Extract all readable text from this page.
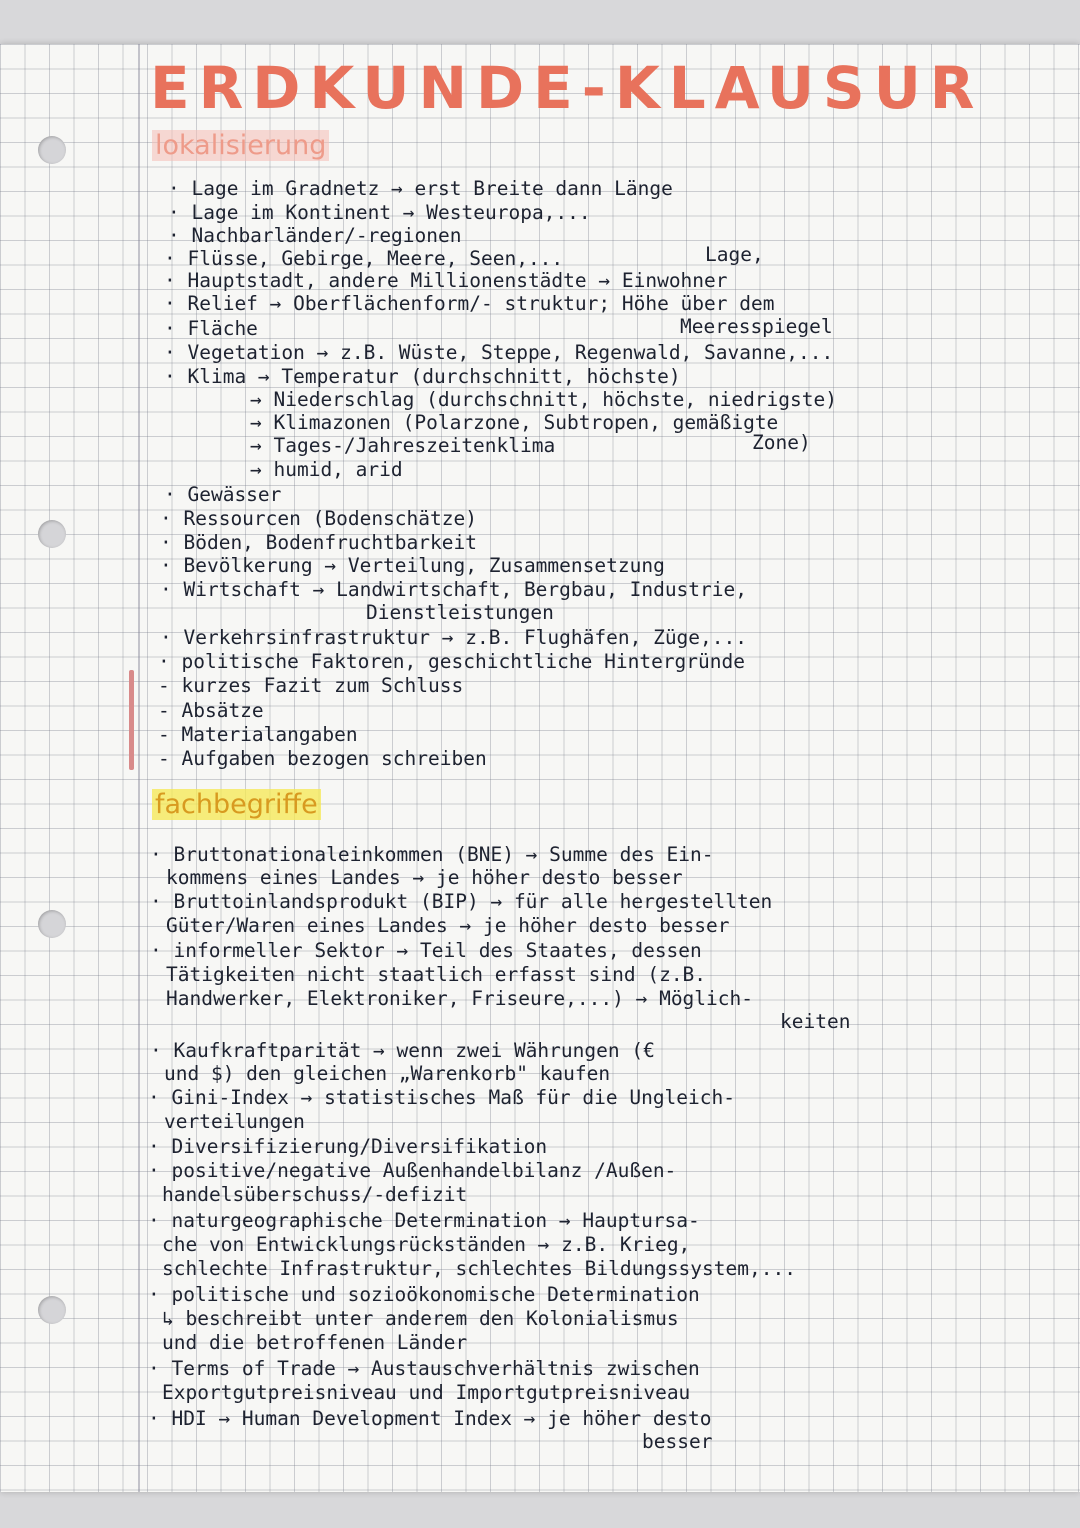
ERDKUNDE-KLAUSUR
lokalisierung
· Lage im Gradnetz → erst Breite dann Länge
· Lage im Kontinent → Westeuropa,...
· Nachbarländer/-regionen
· Flüsse, Gebirge, Meere, Seen,...	Lage,
· Hauptstadt, andere Millionenstädte → Einwohner
· Relief → Oberflächenform/- struktur; Höhe über dem
· Fläche	Meeresspiegel
· Vegetation → z.B. Wüste, Steppe, Regenwald, Savanne,...
· Klima → Temperatur (durchschnitt, höchste)
→ Niederschlag (durchschnitt, höchste, niedrigste)
→ Klimazonen (Polarzone, Subtropen, gemäßigte
→ Tages-/Jahreszeitenklima	Zone)
→ humid, arid
· Gewässer
· Ressourcen (Bodenschätze)
· Böden, Bodenfruchtbarkeit
· Bevölkerung → Verteilung, Zusammensetzung
· Wirtschaft → Landwirtschaft, Bergbau, Industrie,
Dienstleistungen
· Verkehrsinfrastruktur → z.B. Flughäfen, Züge,...
· politische Faktoren, geschichtliche Hintergründe
- kurzes Fazit zum Schluss
- Absätze
- Materialangaben
- Aufgaben bezogen schreiben
fachbegriffe
· Bruttonationaleinkommen (BNE) → Summe des Ein-
kommens eines Landes → je höher desto besser
· Bruttoinlandsprodukt (BIP) → für alle hergestellten
Güter/Waren eines Landes → je höher desto besser
· informeller Sektor → Teil des Staates, dessen
Tätigkeiten nicht staatlich erfasst sind (z.B.
Handwerker, Elektroniker, Friseure,...) → Möglich-
keiten
· Kaufkraftparität → wenn zwei Währungen (€
und $) den gleichen „Warenkorb" kaufen
· Gini-Index → statistisches Maß für die Ungleich-
verteilungen
· Diversifizierung/Diversifikation
· positive/negative Außenhandelbilanz /Außen-
handelsüberschuss/-defizit
· naturgeographische Determination → Hauptursa-
che von Entwicklungsrückständen → z.B. Krieg,
schlechte Infrastruktur, schlechtes Bildungssystem,...
· politische und sozioökonomische Determination
↳ beschreibt unter anderem den Kolonialismus
und die betroffenen Länder
· Terms of Trade → Austauschverhältnis zwischen
Exportgutpreisniveau und Importgutpreisniveau
· HDI → Human Development Index → je höher desto
besser
